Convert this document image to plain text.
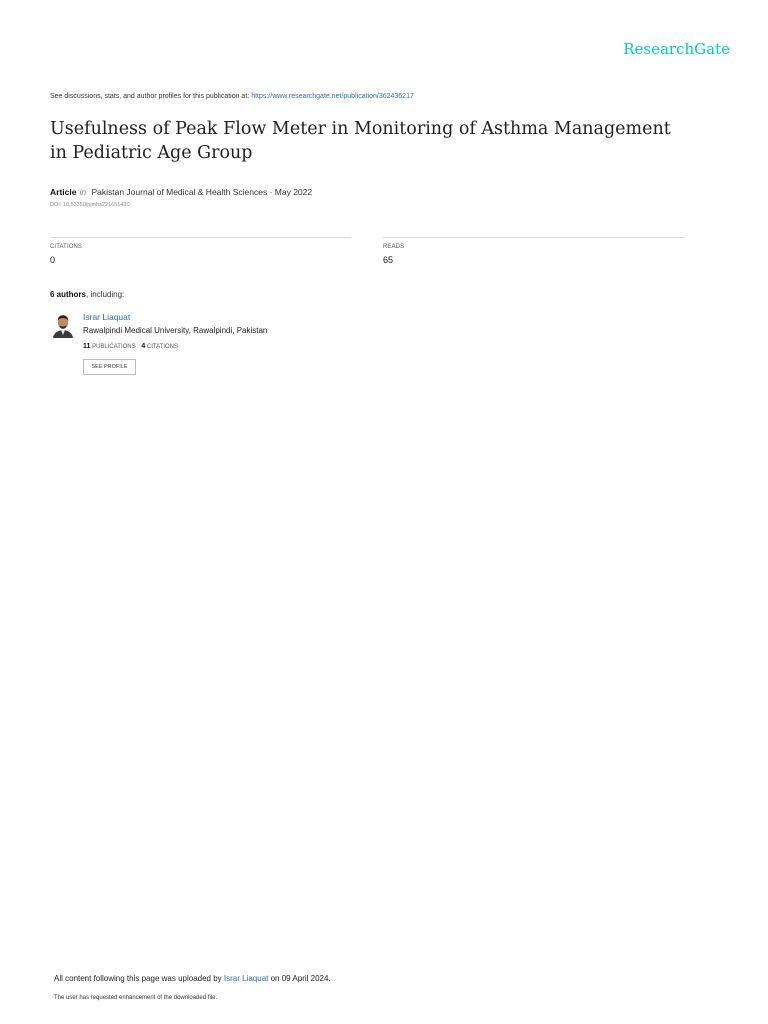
ResearchGate
See discussions, stats, and author profiles for this publication at: https://www.researchgate.net/publication/362436217
Usefulness of Peak Flow Meter in Monitoring of Asthma Management in Pediatric Age Group
Article in Pakistan Journal of Medical & Health Sciences · May 2022
DOI: 10.53350/pjmhs221651430
CITATIONS
0
READS
65
6 authors, including:
Israr Liaquat
Rawalpindi Medical University, Rawalpindi, Pakistan
11 PUBLICATIONS 4 CITATIONS
SEE PROFILE
All content following this page was uploaded by Israr Liaquat on 09 April 2024.
The user has requested enhancement of the downloaded file.
